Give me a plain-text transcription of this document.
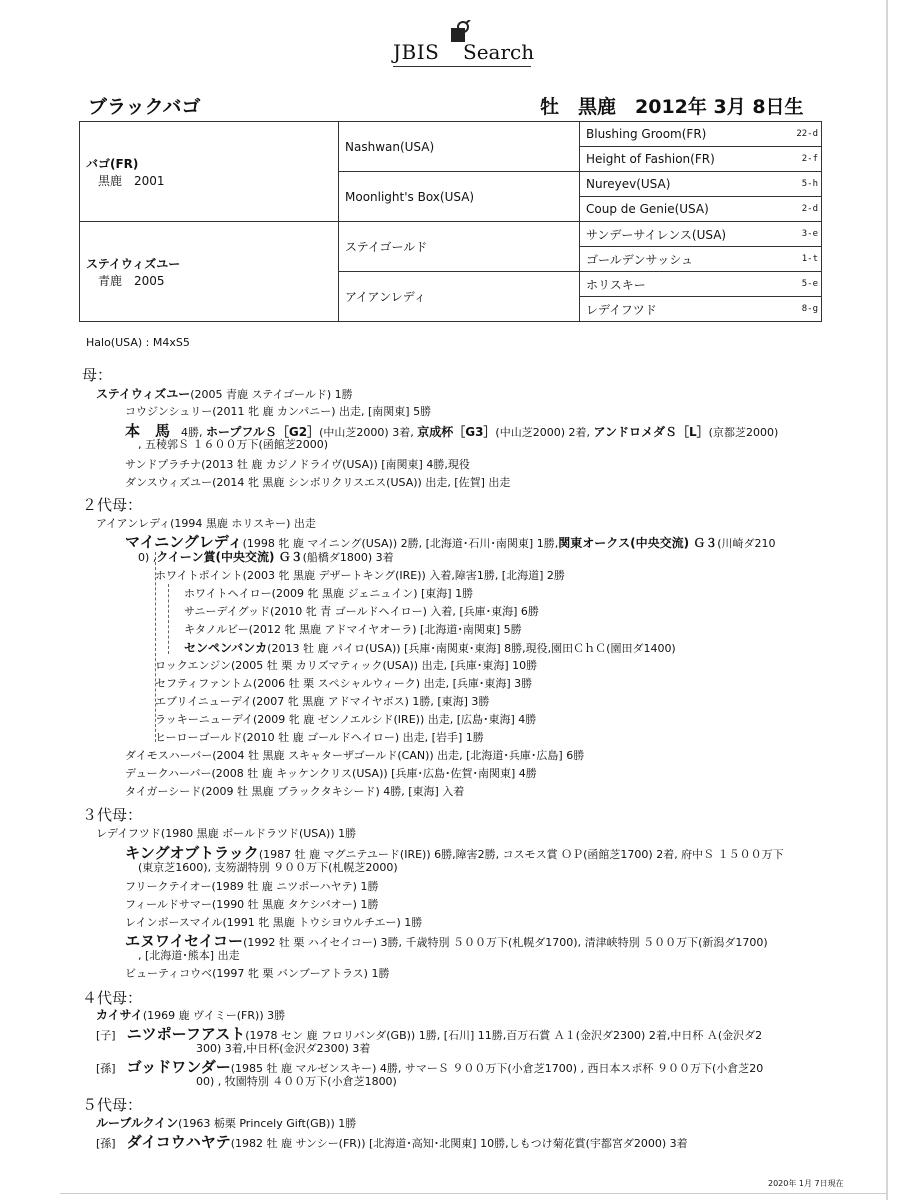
JBIS Search
ブラックバゴ	牡　黒鹿　2012年 3月 8日生
バゴ(FR)
黒鹿　2001	Nashwan(USA)	Blushing Groom(FR)	22-d
		Height of Fashion(FR)	2-f
	Moonlight's Box(USA)	Nureyev(USA)	5-h
		Coup de Genie(USA)	2-d

ステイウィズユー
青鹿　2005	ステイゴールド	サンデーサイレンス(USA)	3-e
		ゴールデンサッシュ	1-t
	アイアンレディ	ホリスキー	5-e
		レデイフツド	8-g
Halo(USA) : M4xS5
母：
ステイウィズユー(2005 青鹿 ステイゴールド) 1勝
コウジンシュリー(2011 牝 鹿 カンパニー) 出走, [南関東] 5勝
本　馬　 4勝, ホープフルＳ［G2］(中山芝2000) 3着, 京成杯［G3］(中山芝2000) 2着, アンドロメダＳ［L］(京都芝2000)
, 五稜郭Ｓ １６００万下(函館芝2000)
サンドプラチナ(2013 牡 鹿 カジノドライヴ(USA)) [南関東] 4勝,現役
ダンスウィズユー(2014 牝 黒鹿 シンボリクリスエス(USA)) 出走, [佐賀] 出走
２代母：
アイアンレディ(1994 黒鹿 ホリスキー) 出走
マイニングレディ(1998 牝 鹿 マイニング(USA)) 2勝, [北海道･石川･南関東] 1勝,関東オークス(中央交流) Ｇ３(川崎ダ210
0) ,クイーン賞(中央交流) Ｇ３(船橋ダ1800) 3着
ホワイトポイント(2003 牝 黒鹿 デザートキング(IRE)) 入着,障害1勝, [北海道] 2勝
ホワイトヘイロー(2009 牝 黒鹿 ジェニュイン) [東海] 1勝
サニーデイグッド(2010 牝 青 ゴールドヘイロー) 入着, [兵庫･東海] 6勝
キタノルビー(2012 牝 黒鹿 アドマイヤオーラ) [北海道･南関東] 5勝
センペンバンカ(2013 牡 鹿 パイロ(USA)) [兵庫･南関東･東海] 8勝,現役,園田ＣｈＣ(園田ダ1400)
ロックエンジン(2005 牡 栗 カリズマティック(USA)) 出走, [兵庫･東海] 10勝
セフティファントム(2006 牡 栗 スペシャルウィーク) 出走, [兵庫･東海] 3勝
エブリイニューデイ(2007 牝 黒鹿 アドマイヤボス) 1勝, [東海] 3勝
ラッキーニューデイ(2009 牝 鹿 ゼンノエルシド(IRE)) 出走, [広島･東海] 4勝
ヒーローゴールド(2010 牡 鹿 ゴールドヘイロー) 出走, [岩手] 1勝
ダイモスハーバー(2004 牡 黒鹿 スキャターザゴールド(CAN)) 出走, [北海道･兵庫･広島] 6勝
デュークハーバー(2008 牡 鹿 キッケンクリス(USA)) [兵庫･広島･佐賀･南関東] 4勝
タイガーシード(2009 牡 黒鹿 ブラックタキシード) 4勝, [東海] 入着
３代母：
レデイフツド(1980 黒鹿 ボールドラツド(USA)) 1勝
キングオブトラック(1987 牡 鹿 マグニテユード(IRE)) 6勝,障害2勝, コスモス賞 ＯＰ(函館芝1700) 2着, 府中Ｓ １５００万下
(東京芝1600), 支笏湖特別 ９００万下(札幌芝2000)
フリークテイオー(1989 牡 鹿 ニツポーハヤテ) 1勝
フィールドサマー(1990 牡 黒鹿 タケシバオー) 1勝
レインボースマイル(1991 牝 黒鹿 トウシヨウルチエー) 1勝
エヌワイセイコー(1992 牡 栗 ハイセイコー) 3勝, 千歳特別 ５００万下(札幌ダ1700), 清津峡特別 ５００万下(新潟ダ1700)
, [北海道･熊本] 出走
ビューティコウベ(1997 牝 栗 バンブーアトラス) 1勝
４代母：
カイサイ(1969 鹿 ヴイミー(FR)) 3勝
[子]　 ニツポーフアスト(1978 セン 鹿 フロリバンダ(GB)) 1勝, [石川] 11勝,百万石賞 Ａ１(金沢ダ2300) 2着,中日杯 Ａ(金沢ダ2
300) 3着,中日杯(金沢ダ2300) 3着
[孫]　 ゴッドワンダー(1985 牡 鹿 マルゼンスキー) 4勝, サマーＳ ９００万下(小倉芝1700) , 西日本スポ杯 ９００万下(小倉芝20
00) , 牧園特別 ４００万下(小倉芝1800)
５代母：
ルーブルクイン(1963 栃栗 Princely Gift(GB)) 1勝
[孫]　 ダイコウハヤテ(1982 牡 鹿 サンシー(FR)) [北海道･高知･北関東] 10勝,しもつけ菊花賞(宇都宮ダ2000) 3着
2020年 1月 7日現在
